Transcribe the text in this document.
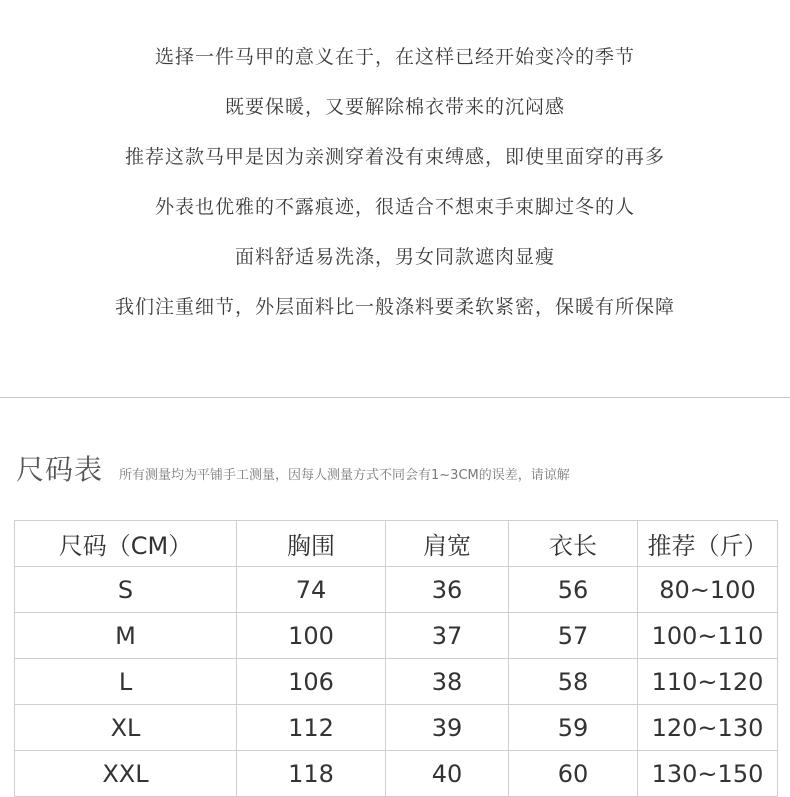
选择一件马甲的意义在于，在这样已经开始变冷的季节
既要保暖，又要解除棉衣带来的沉闷感
推荐这款马甲是因为亲测穿着没有束缚感，即使里面穿的再多
外表也优雅的不露痕迹，很适合不想束手束脚过冬的人
面料舒适易洗涤，男女同款遮肉显瘦
我们注重细节，外层面料比一般涤料要柔软紧密，保暖有所保障
尺码表 所有测量均为平铺手工测量，因每人测量方式不同会有1~3CM的误差，请谅解
尺码（CM）	胸围	肩宽	衣长	推荐（斤）
S	74	36	56	80~100
M	100	37	57	100~110
L	106	38	58	110~120
XL	112	39	59	120~130
XXL	118	40	60	130~150
